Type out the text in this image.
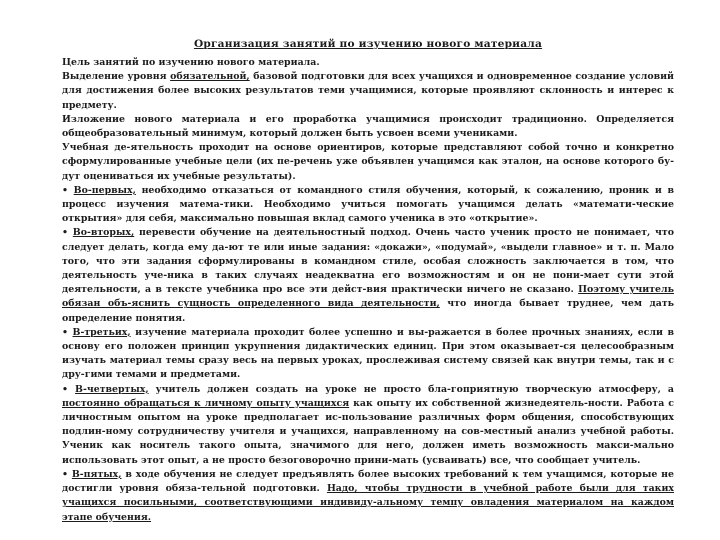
Организация занятий по изучению нового материала

Цель занятий по изучению нового материала.

Выделение уровня обязательной, базовой подготовки для всех учащихся и одновременное создание условий для достижения более высоких результатов теми учащимися, которые проявляют склонность и интерес к предмету.

Изложение нового материала и его проработка учащимися происходит традиционно. Определяется общеобразовательный минимум, который должен быть усвоен всеми учениками.

Учебная де-ятельность проходит на основе ориентиров, которые представляют собой точно и конкретно сформулированные учебные цели (их пе-речень уже объявлен учащимся как эталон, на основе которого бу-дут оцениваться их учебные результаты).

• Во-первых, необходимо отказаться от командного стиля обучения, который, к сожалению, проник и в процесс изучения матема-тики. Необходимо учиться помогать учащимся делать «математи-ческие открытия» для себя, максимально повышая вклад самого ученика в это «открытие».

• Во-вторых, перевести обучение на деятельностный подход. Очень часто ученик просто не понимает, что следует делать, когда ему да-ют те или иные задания: «докажи», «подумай», «выдели главное» и т. п. Мало того, что эти задания сформулированы в командном стиле, особая сложность заключается в том, что деятельность уче-ника в таких случаях неадекватна его возможностям и он не пони-мает сути этой деятельности, а в тексте учебника про все эти дейст-вия практически ничего не сказано. Поэтому учитель обязан объ-яснить сущность определенного вида деятельности, что иногда бывает труднее, чем дать определение понятия.

• В-третьих, изучение материала проходит более успешно и вы-ражается в более прочных знаниях, если в основу его положен принцип укрупнения дидактических единиц. При этом оказывает-ся целесообразным изучать материал темы сразу весь на первых уроках, прослеживая систему связей как внутри темы, так и с дру-гими темами и предметами.

• В-четвертых, учитель должен создать на уроке не просто бла-гоприятную творческую атмосферу, а постоянно обращаться к личному опыту учащихся как опыту их собственной жизнедеятель-ности. Работа с личностным опытом на уроке предполагает ис-пользование различных форм общения, способствующих подлин-ному сотрудничеству учителя и учащихся, направленному на сов-местный анализ учебной работы. Ученик как носитель такого опыта, значимого для него, должен иметь возможность макси-мально использовать этот опыт, а не просто безоговорочно прини-мать (усваивать) все, что сообщает учитель.

• В-пятых, в ходе обучения не следует предъявлять более высоких требований к тем учащимся, которые не достигли уровня обяза-тельной подготовки. Надо, чтобы трудности в учебной работе были для таких учащихся посильными, соответствующими индивиду-альному темпу овладения материалом на каждом этапе обучения.
